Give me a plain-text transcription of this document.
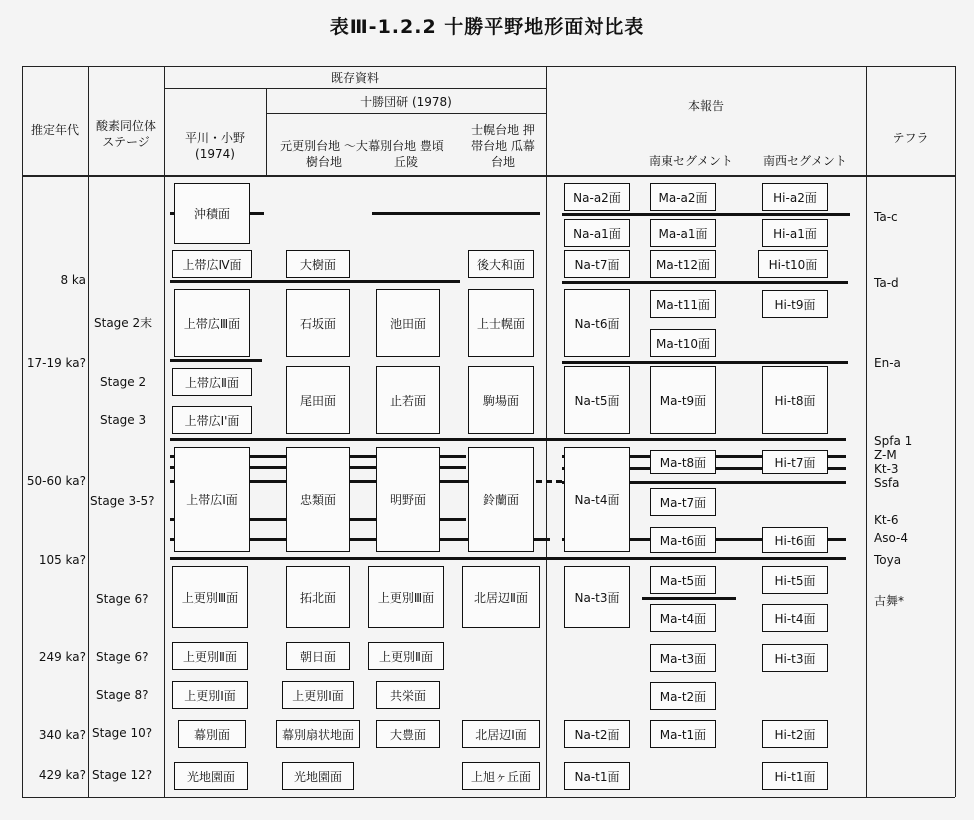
表Ⅲ-1.2.2 十勝平野地形面対比表
推定年代	酸素同位体 ステージ
既存資料
平川・小野 (1974)
十勝団研 (1978)
元更別台地 ～大樹台地
幕別台地 豊頃丘陵
士幌台地 押帯台地 瓜幕台地
本報告
南東セグメント	南西セグメント
テフラ
8 ka
17-19 ka?
50-60 ka?
105 ka?
249 ka?
340 ka?
429 ka?
Stage 2末
Stage 2
Stage 3
Stage 3-5?
Stage 6?
Stage 6?
Stage 8?
Stage 10?
Stage 12?
Ta-c
Ta-d
En-a
Spfa 1
Z-M
Kt-3
Ssfa
Kt-6
Aso-4
Toya
古舞*
沖積面
上帯広Ⅳ面
上帯広Ⅲ面
上帯広Ⅱ面
上帯広Ⅰ'面
上帯広Ⅰ面
上更別Ⅲ面
上更別Ⅱ面
上更別Ⅰ面
幕別面
光地園面
大樹面
石坂面
尾田面
忠類面
拓北面
朝日面
上更別Ⅰ面
幕別扇状地面
光地園面
池田面
止若面
明野面
上更別Ⅲ面
上更別Ⅱ面
共栄面
大豊面
後大和面
上士幌面
駒場面
鈴蘭面
北居辺Ⅱ面
北居辺Ⅰ面
上旭ヶ丘面
Na-a2面
Na-a1面
Na-t7面
Na-t6面
Na-t5面
Na-t4面
Na-t3面
Na-t2面
Na-t1面
Ma-a2面
Ma-a1面
Ma-t12面
Ma-t11面
Ma-t10面
Ma-t9面
Ma-t8面
Ma-t7面
Ma-t6面
Ma-t5面
Ma-t4面
Ma-t3面
Ma-t2面
Ma-t1面
Hi-a2面
Hi-a1面
Hi-t10面
Hi-t9面
Hi-t8面
Hi-t7面
Hi-t6面
Hi-t5面
Hi-t4面
Hi-t3面
Hi-t2面
Hi-t1面
